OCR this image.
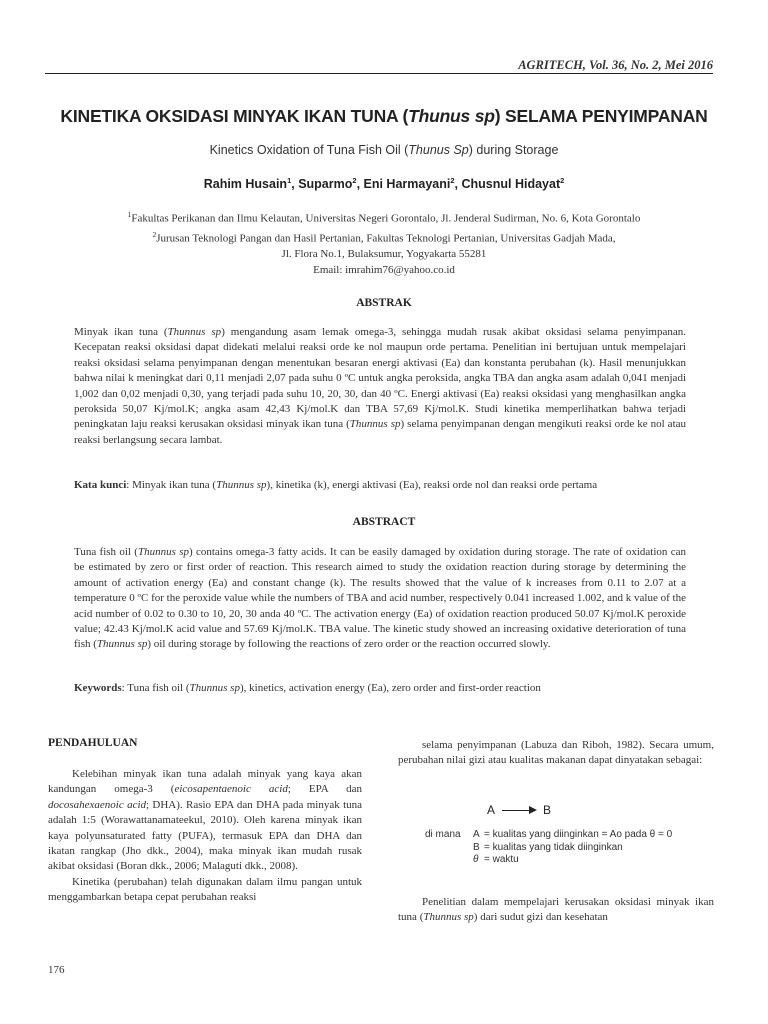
AGRITECH, Vol. 36, No. 2, Mei 2016
KINETIKA OKSIDASI MINYAK IKAN TUNA (Thunus sp) SELAMA PENYIMPANAN
Kinetics Oxidation of Tuna Fish Oil (Thunus Sp) during Storage
Rahim Husain$^1$, Suparmo$^2$, Eni Harmayani$^2$, Chusnul Hidayat$^2$
$^1$Fakultas Perikanan dan Ilmu Kelautan, Universitas Negeri Gorontalo, Jl. Jenderal Sudirman, No. 6, Kota Gorontalo
$^2$Jurusan Teknologi Pangan dan Hasil Pertanian, Fakultas Teknologi Pertanian, Universitas Gadjah Mada,
Jl. Flora No.1, Bulaksumur, Yogyakarta 55281
Email: imrahim76@yahoo.co.id
ABSTRAK
Minyak ikan tuna (Thunnus sp) mengandung asam lemak omega-3, sehingga mudah rusak akibat oksidasi selama penyimpanan. Kecepatan reaksi oksidasi dapat didekati melalui reaksi orde ke nol maupun orde pertama. Penelitian ini bertujuan untuk mempelajari reaksi oksidasi selama penyimpanan dengan menentukan besaran energi aktivasi (Ea) dan konstanta perubahan (k). Hasil menunjukkan bahwa nilai k meningkat dari 0,11 menjadi 2,07 pada suhu 0 ºC untuk angka peroksida, angka TBA dan angka asam adalah 0,041 menjadi 1,002 dan 0,02 menjadi 0,30, yang terjadi pada suhu 10, 20, 30, dan 40 ºC. Energi aktivasi (Ea) reaksi oksidasi yang menghasilkan angka peroksida 50,07 Kj/mol.K; angka asam 42,43 Kj/mol.K dan TBA 57,69 Kj/mol.K. Studi kinetika memperlihatkan bahwa terjadi peningkatan laju reaksi kerusakan oksidasi minyak ikan tuna (Thunnus sp) selama penyimpanan dengan mengikuti reaksi orde ke nol atau reaksi berlangsung secara lambat.
Kata kunci: Minyak ikan tuna (Thunnus sp), kinetika (k), energi aktivasi (Ea), reaksi orde nol dan reaksi orde pertama
ABSTRACT
Tuna fish oil (Thunnus sp) contains omega-3 fatty acids. It can be easily damaged by oxidation during storage. The rate of oxidation can be estimated by zero or first order of reaction. This research aimed to study the oxidation reaction during storage by determining the amount of activation energy (Ea) and constant change (k). The results showed that the value of k increases from 0.11 to 2.07 at a temperature 0 ºC for the peroxide value while the numbers of TBA and acid number, respectively 0.041 increased 1.002, and k value of the acid number of 0.02 to 0.30 to 10, 20, 30 anda 40 ºC. The activation energy (Ea) of oxidation reaction produced 50.07 Kj/mol.K peroxide value; 42.43 Kj/mol.K acid value and 57.69 Kj/mol.K. TBA value. The kinetic study showed an increasing oxidative deterioration of tuna fish (Thunnus sp) oil during storage by following the reactions of zero order or the reaction occurred slowly.
Keywords: Tuna fish oil (Thunnus sp), kinetics, activation energy (Ea), zero order and first-order reaction
PENDAHULUAN

Kelebihan minyak ikan tuna adalah minyak yang kaya akan kandungan omega-3 (eicosapentaenoic acid; EPA dan docosahexaenoic acid; DHA). Rasio EPA dan DHA pada minyak tuna adalah 1:5 (Worawattanamateekul, 2010). Oleh karena minyak ikan kaya polyunsaturated fatty (PUFA), termasuk EPA dan DHA dan ikatan rangkap (Jho dkk., 2004), maka minyak ikan mudah rusak akibat oksidasi (Boran dkk., 2006; Malaguti dkk., 2008).

Kinetika (perubahan) telah digunakan dalam ilmu pangan untuk menggambarkan betapa cepat perubahan reaksi

selama penyimpanan (Labuza dan Riboh, 1982). Secara umum, perubahan nilai gizi atau kualitas makanan dapat dinyatakan sebagai:

A	B
di mana A = kualitas yang diinginkan = Ao pada θ = 0
B = kualitas yang tidak diinginkan
θ = waktu

Penelitian dalam mempelajari kerusakan oksidasi minyak ikan tuna (Thunnus sp) dari sudut gizi dan kesehatan

176
